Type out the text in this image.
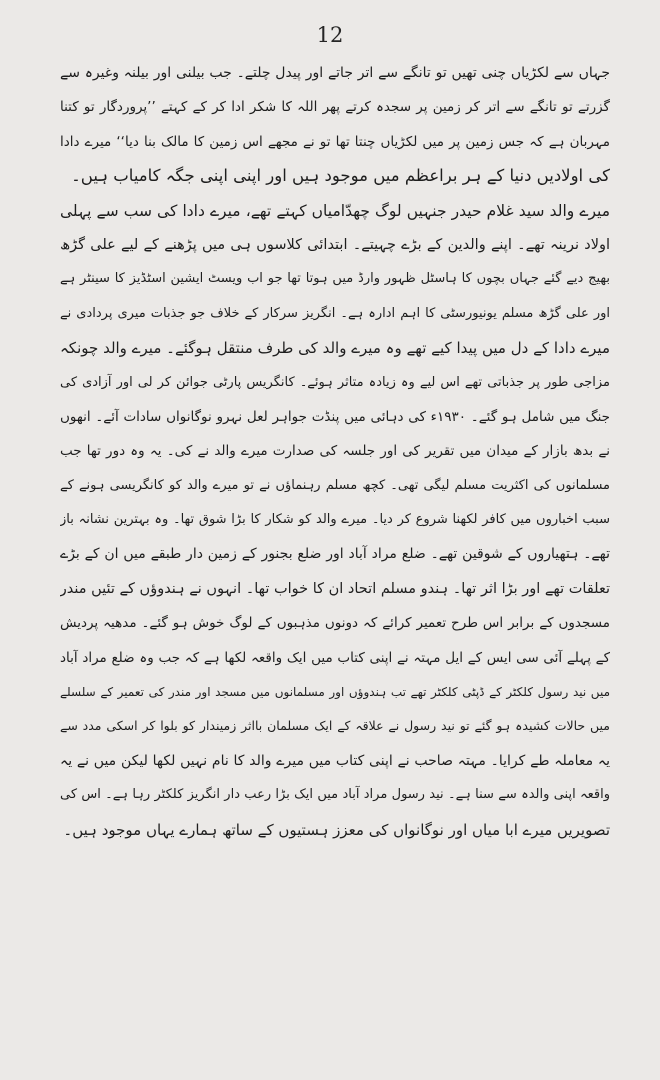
12
جہاں سے لکڑیاں چنی تھیں تو تانگے سے اتر جاتے اور پیدل چلتے۔ جب بیلنی اور بیلنہ وغیرہ سے
گزرتے تو تانگے سے اتر کر زمین پر سجدہ کرتے پھر اللہ کا شکر ادا کر کے کہتے ’’پروردگار تو کتنا
مہربان ہے کہ جس زمین پر میں لکڑیاں چنتا تھا تو نے مجھے اس زمین کا مالک بنا دیا‘‘ میرے دادا
کی اولادیں دنیا کے ہر براعظم میں موجود ہیں اور اپنی اپنی جگہ کامیاب ہیں۔
میرے والد سید غلام حیدر جنہیں لوگ چھدّامیاں کہتے تھے، میرے دادا کی سب سے پہلی
اولاد نرینہ تھے۔ اپنے والدین کے بڑے چہیتے۔ ابتدائی کلاسوں ہی میں پڑھنے کے لیے علی گڑھ
بھیج دیے گئے جہاں بچوں کا ہاسٹل ظہور وارڈ میں ہوتا تھا جو اب ویسٹ ایشین اسٹڈیز کا سینٹر ہے
اور علی گڑھ مسلم یونیورسٹی کا اہم ادارہ ہے۔ انگریز سرکار کے خلاف جو جذبات میری پردادی نے
میرے دادا کے دل میں پیدا کیے تھے وہ میرے والد کی طرف منتقل ہوگئے۔ میرے والد چونکہ
مزاجی طور پر جذباتی تھے اس لیے وہ زیادہ متاثر ہوئے۔ کانگریس پارٹی جوائن کر لی اور آزادی کی
جنگ میں شامل ہو گئے۔ ۱۹۳۰ء کی دہائی میں پنڈت جواہر لعل نہرو نوگانواں سادات آئے۔ انھوں
نے بدھ بازار کے میدان میں تقریر کی اور جلسہ کی صدارت میرے والد نے کی۔ یہ وہ دور تھا جب
مسلمانوں کی اکثریت مسلم لیگی تھی۔ کچھ مسلم رہنماؤں نے تو میرے والد کو کانگریسی ہونے کے
سبب اخباروں میں کافر لکھنا شروع کر دیا۔ میرے والد کو شکار کا بڑا شوق تھا۔ وہ بہترین نشانہ باز
تھے۔ ہتھیاروں کے شوقین تھے۔ ضلع مراد آباد اور ضلع بجنور کے زمین دار طبقے میں ان کے بڑے
تعلقات تھے اور بڑا اثر تھا۔ ہندو مسلم اتحاد ان کا خواب تھا۔ انہوں نے ہندوؤں کے تئیں مندر
مسجدوں کے برابر اس طرح تعمیر کرائے کہ دونوں مذہبوں کے لوگ خوش ہو گئے۔ مدھیہ پردیش
کے پہلے آئی سی ایس کے ایل مہتہ نے اپنی کتاب میں ایک واقعہ لکھا ہے کہ جب وہ ضلع مراد آباد
میں نید رسول کلکٹر کے ڈپٹی کلکٹر تھے تب ہندوؤں اور مسلمانوں میں مسجد اور مندر کی تعمیر کے سلسلے
میں حالات کشیدہ ہو گئے تو نید رسول نے علاقہ کے ایک مسلمان بااثر زمیندار کو بلوا کر اسکی مدد سے
یہ معاملہ طے کرایا۔ مہتہ صاحب نے اپنی کتاب میں میرے والد کا نام نہیں لکھا لیکن میں نے یہ
واقعہ اپنی والدہ سے سنا ہے۔ نید رسول مراد آباد میں ایک بڑا رعب دار انگریز کلکٹر رہا ہے۔ اس کی
تصویریں میرے ابا میاں اور نوگانواں کی معزز ہستیوں کے ساتھ ہمارے یہاں موجود ہیں۔
